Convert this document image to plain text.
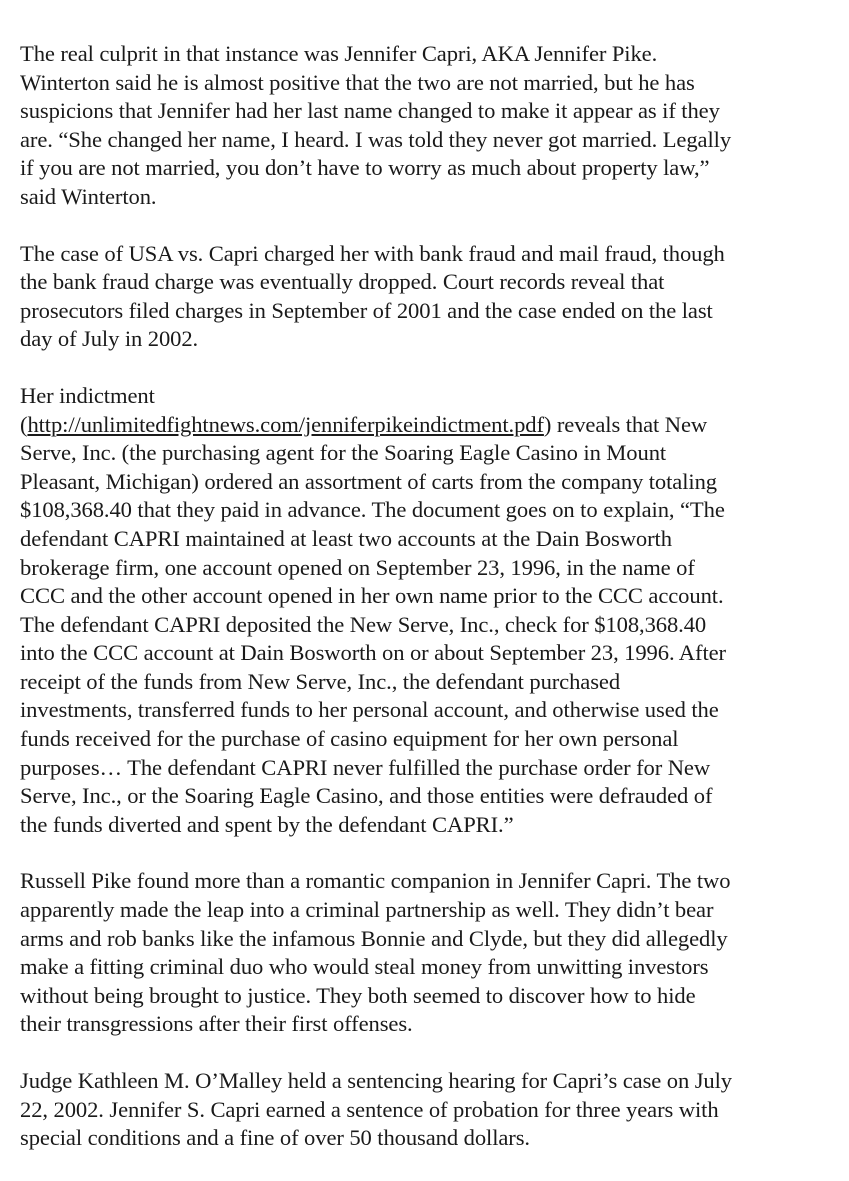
The real culprit in that instance was Jennifer Capri, AKA Jennifer Pike.
Winterton said he is almost positive that the two are not married, but he has
suspicions that Jennifer had her last name changed to make it appear as if they
are. “She changed her name, I heard. I was told they never got married. Legally
if you are not married, you don’t have to worry as much about property law,”
said Winterton.

The case of USA vs. Capri charged her with bank fraud and mail fraud, though
the bank fraud charge was eventually dropped. Court records reveal that
prosecutors filed charges in September of 2001 and the case ended on the last
day of July in 2002.

Her indictment
(http://unlimitedfightnews.com/jenniferpikeindictment.pdf) reveals that New
Serve, Inc. (the purchasing agent for the Soaring Eagle Casino in Mount
Pleasant, Michigan) ordered an assortment of carts from the company totaling
$108,368.40 that they paid in advance. The document goes on to explain, “The
defendant CAPRI maintained at least two accounts at the Dain Bosworth
brokerage firm, one account opened on September 23, 1996, in the name of
CCC and the other account opened in her own name prior to the CCC account.
The defendant CAPRI deposited the New Serve, Inc., check for $108,368.40
into the CCC account at Dain Bosworth on or about September 23, 1996. After
receipt of the funds from New Serve, Inc., the defendant purchased
investments, transferred funds to her personal account, and otherwise used the
funds received for the purchase of casino equipment for her own personal
purposes… The defendant CAPRI never fulfilled the purchase order for New
Serve, Inc., or the Soaring Eagle Casino, and those entities were defrauded of
the funds diverted and spent by the defendant CAPRI.”

Russell Pike found more than a romantic companion in Jennifer Capri. The two
apparently made the leap into a criminal partnership as well. They didn’t bear
arms and rob banks like the infamous Bonnie and Clyde, but they did allegedly
make a fitting criminal duo who would steal money from unwitting investors
without being brought to justice. They both seemed to discover how to hide
their transgressions after their first offenses.

Judge Kathleen M. O’Malley held a sentencing hearing for Capri’s case on July
22, 2002. Jennifer S. Capri earned a sentence of probation for three years with
special conditions and a fine of over 50 thousand dollars.
